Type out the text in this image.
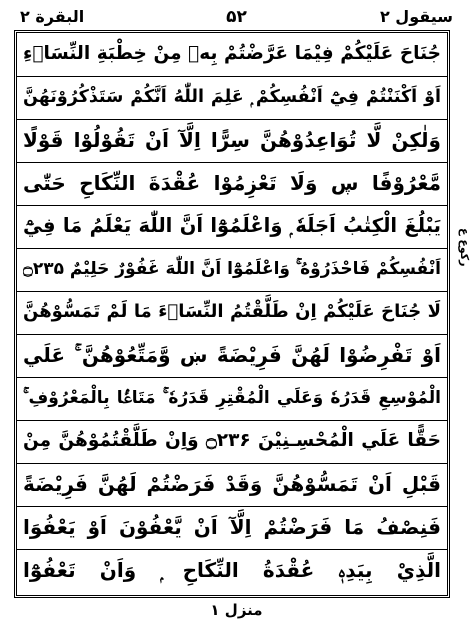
سیقول ۲
۵۲
البقرة ۲
جُنَاحَ عَلَيْكُمْ فِيْمَا عَرَّضْتُمْ بِهٖ مِنْ خِطْبَةِ النِّسَاۗءِ
اَوْ اَكْنَنْتُمْ فِيْٓ اَنْفُسِكُمْ ۭ عَلِمَ اللّٰهُ اَنَّكُمْ سَتَذْكُرُوْنَهُنَّ
وَلٰكِنْ لَّا تُوَاعِدُوْھُنَّ سِرًّا اِلَّآ اَنْ تَقُوْلُوْا قَوْلًا
مَّعْرُوْفًا ڛ وَلَا تَعْزِمُوْا عُقْدَةَ النِّكَاحِ حَتّٰى
يَبْلُغَ الْكِتٰبُ اَجَلَهٗ ۭ وَاعْلَمُوْٓا اَنَّ اللّٰهَ يَعْلَمُ مَا فِيْٓ
اَنْفُسِكُمْ فَاحْذَرُوْهُ ۚ وَاعْلَمُوْٓا اَنَّ اللّٰهَ غَفُوْرٌ حَلِيْمٌ ۝۲۳۵
لَا جُنَاحَ عَلَيْكُمْ اِنْ طَلَّقْتُمُ النِّسَاۗءَ مَا لَمْ تَمَسُّوْھُنَّ
اَوْ تَفْرِضُوْا لَهُنَّ فَرِيْضَةً ښ وَّمَتِّعُوْھُنَّ ۚ عَلَي
الْمُوْسِعِ قَدَرُهٗ وَعَلَي الْمُقْتِرِ قَدَرُهٗ ۚ مَتَاعًۢا بِالْمَعْرُوْفِ ۚ
حَقًّا عَلَي الْمُحْسِـنِيْنَ ۝۲۳۶ وَاِنْ طَلَّقْتُمُوْھُنَّ مِنْ
قَبْلِ اَنْ تَمَسُّوْھُنَّ وَقَدْ فَرَضْتُمْ لَهُنَّ فَرِيْضَةً
فَنِصْفُ مَا فَرَضْتُمْ اِلَّآ اَنْ يَّعْفُوْنَ اَوْ يَعْفُوَا
الَّذِيْ بِيَدِهٖ عُقْدَةُ النِّكَاحِ ۭ وَاَنْ تَعْفُوْٓا
رکوع ع
منزل ۱
